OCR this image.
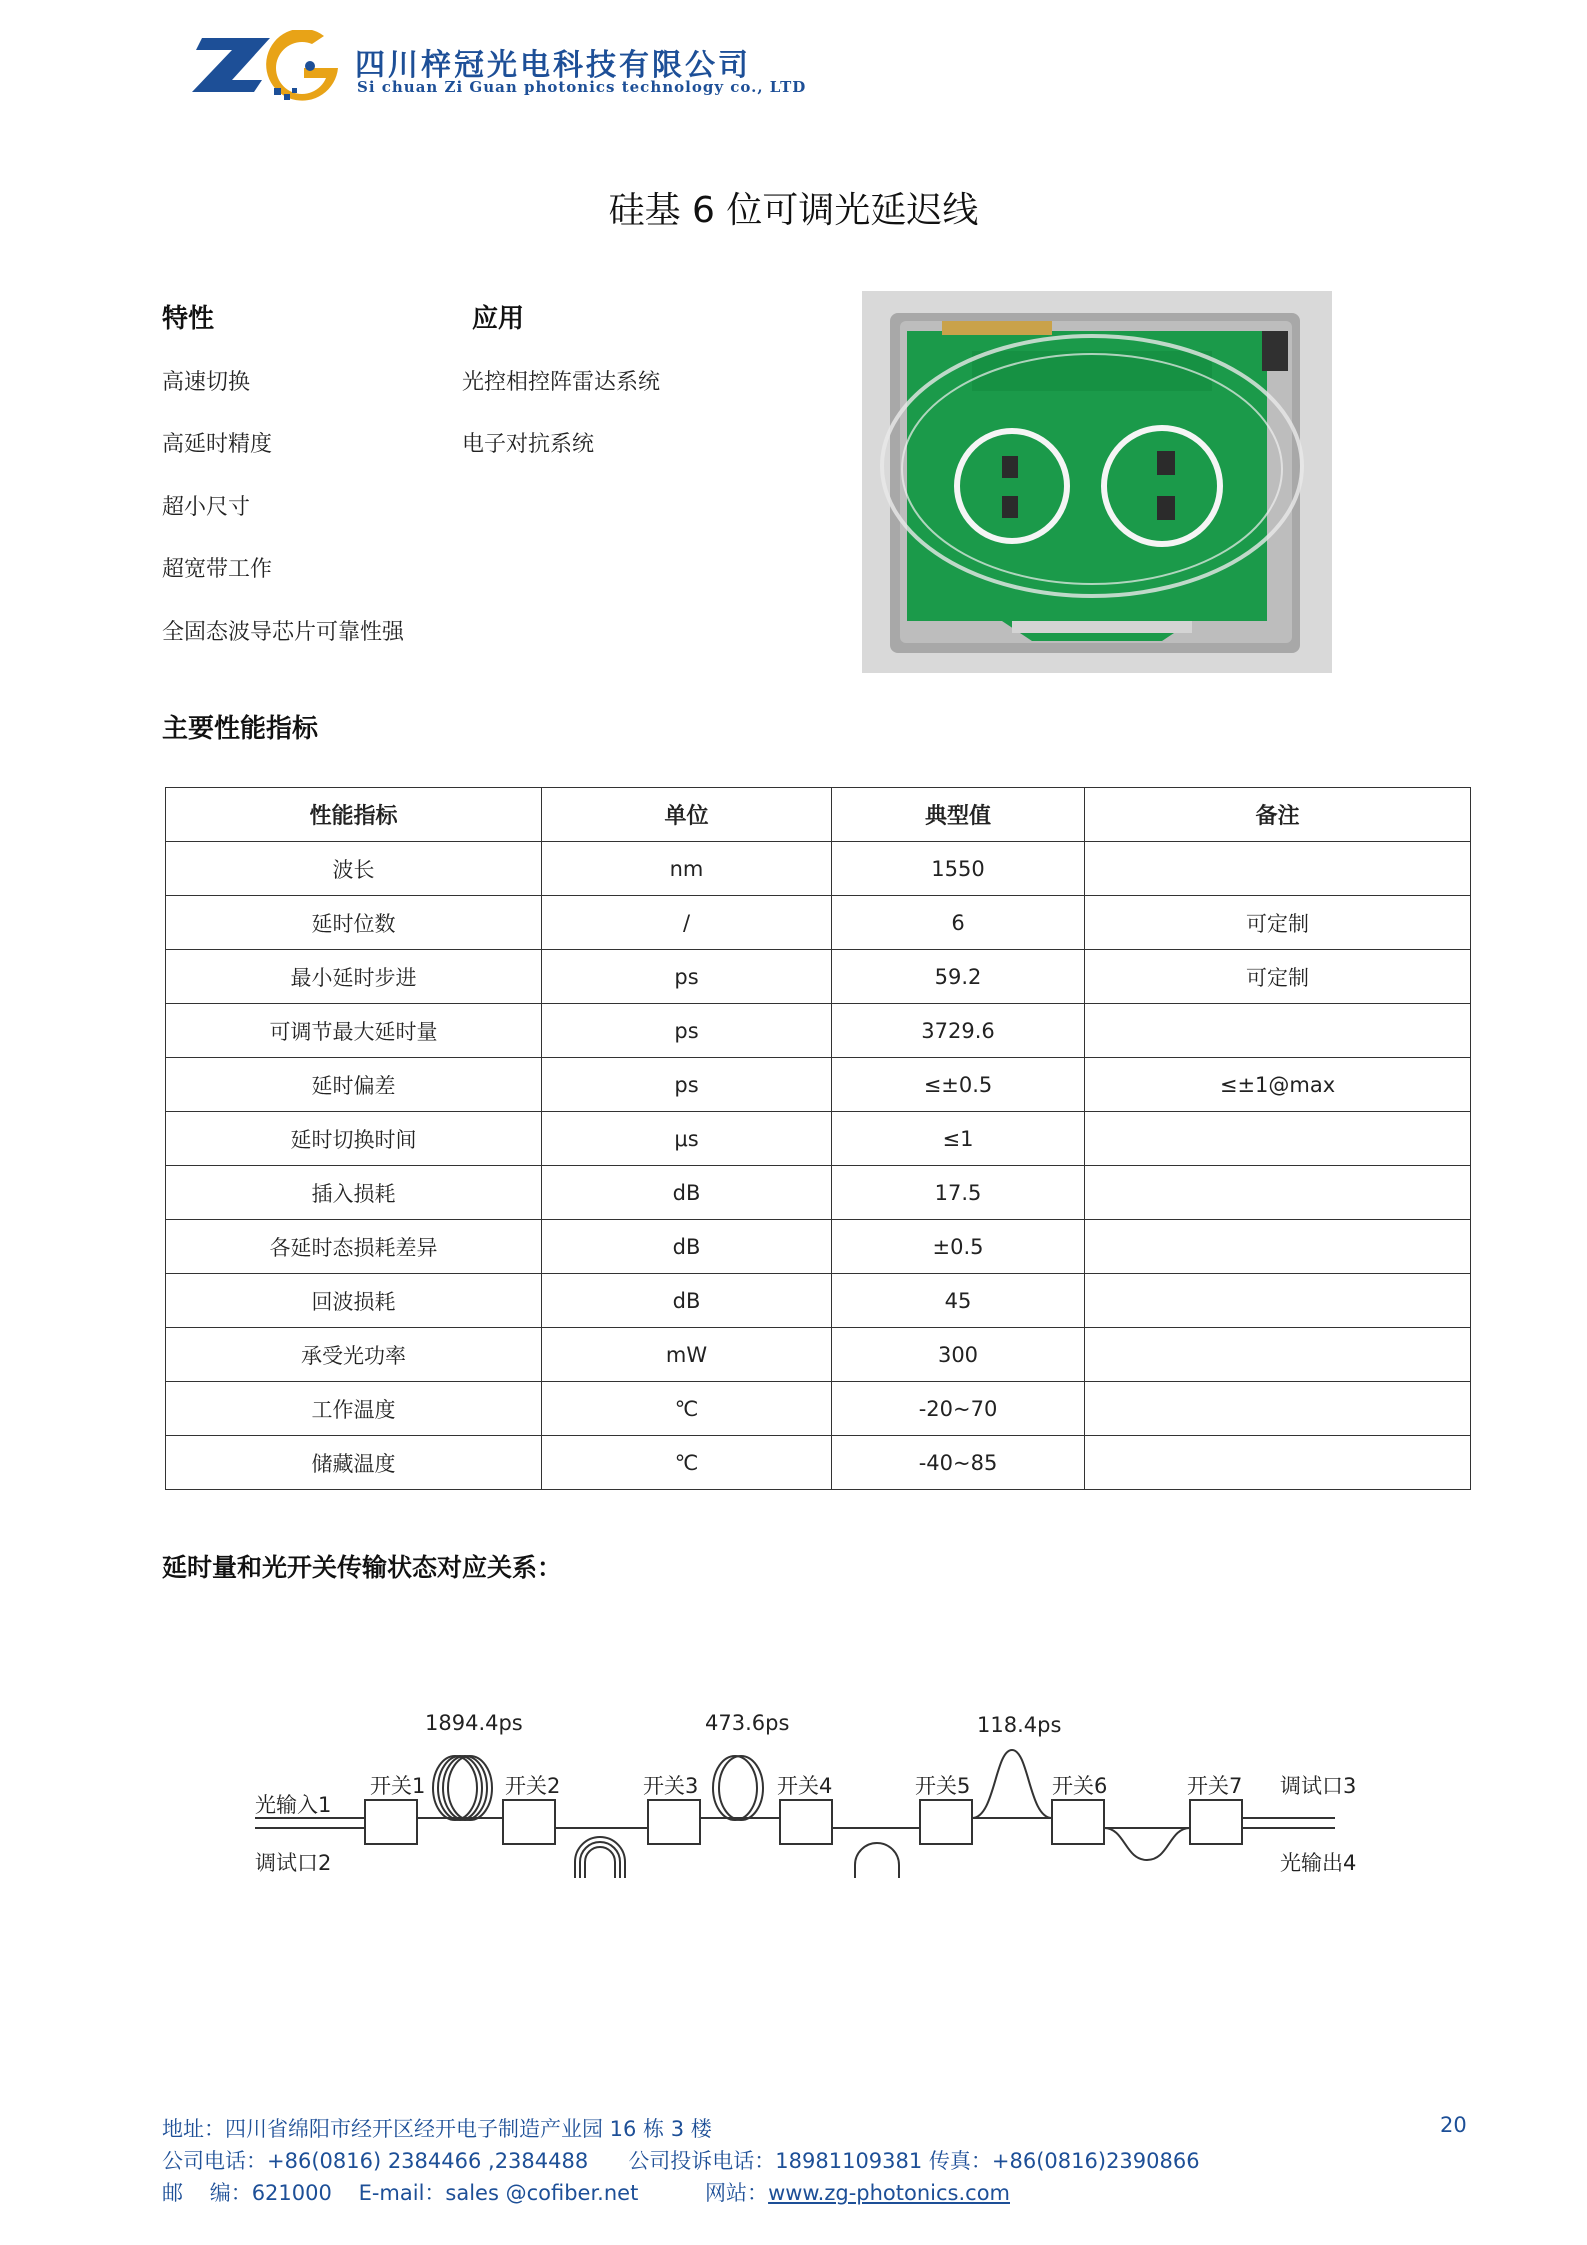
四川梓冠光电科技有限公司
Si chuan Zi Guan photonics technology co., LTD
硅基 6 位可调光延迟线
特性
高速切换
高延时精度
超小尺寸
超宽带工作
全固态波导芯片可靠性强
应用
光控相控阵雷达系统
电子对抗系统
主要性能指标
性能指标	单位	典型值	备注
波长	nm	1550	
延时位数	/	6	可定制
最小延时步进	ps	59.2	可定制
可调节最大延时量	ps	3729.6	
延时偏差	ps	≤±0.5	≤±1@max
延时切换时间	μs	≤1	
插入损耗	dB	17.5	
各延时态损耗差异	dB	±0.5	
回波损耗	dB	45	
承受光功率	mW	300	
工作温度	℃	-20~70	
储藏温度	℃	-40~85	
延时量和光开关传输状态对应关系：
光输入1
调试口2
调试口3
光输出4
开关1	开关2	开关3	开关4	开关5	开关6	开关7
1894.4ps	473.6ps	118.4ps
地址：四川省绵阳市经开区经开电子制造产业园 16 栋 3 楼
公司电话：+86(0816) 2384466 ,2384488      公司投诉电话：18981109381 传真：+86(0816)2390866
邮    编：621000    E-mail：sales @cofiber.net          网站：www.zg-photonics.com
20
